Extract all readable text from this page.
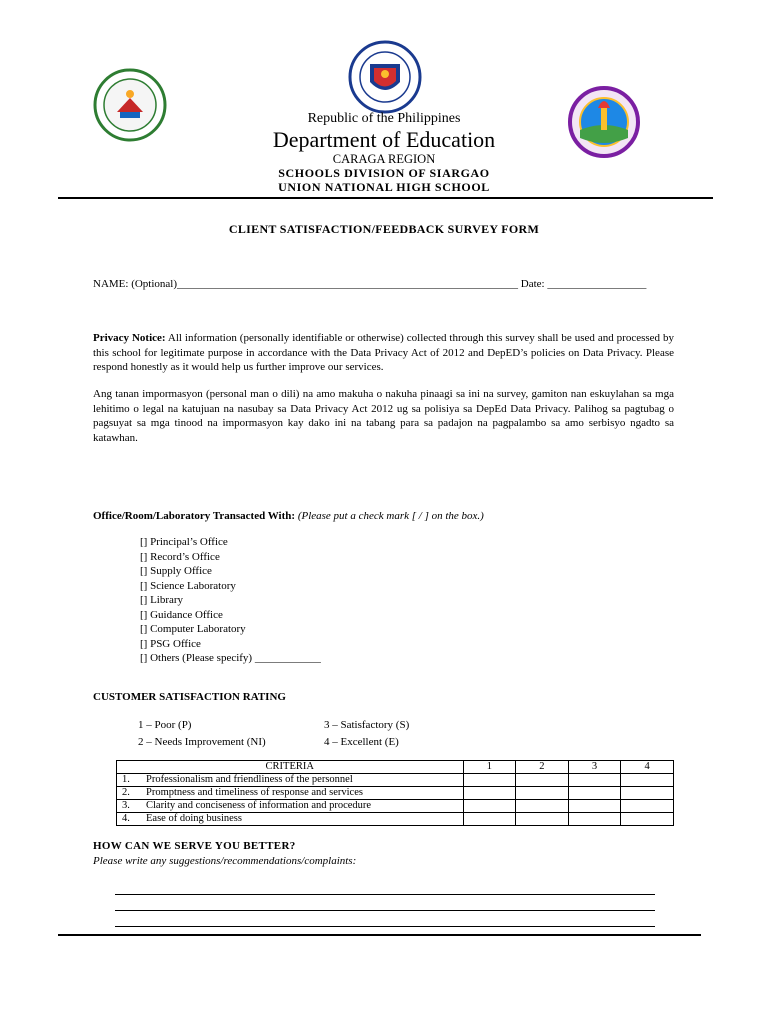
Republic of the Philippines
Department of Education
CARAGA REGION
SCHOOLS DIVISION OF SIARGAO
UNION NATIONAL HIGH SCHOOL
CLIENT SATISFACTION/FEEDBACK SURVEY FORM
NAME: (Optional)______________________________________________________________ Date: __________________
Privacy Notice: All information (personally identifiable or otherwise) collected through this survey shall be used and processed by this school for legitimate purpose in accordance with the Data Privacy Act of 2012 and DepED’s policies on Data Privacy. Please respond honestly as it would help us further improve our services.
Ang tanan impormasyon (personal man o dili) na amo makuha o nakuha pinaagi sa ini na survey, gamiton nan eskuylahan sa mga lehitimo o legal na katujuan na nasubay sa Data Privacy Act 2012 ug sa polisiya sa DepEd Data Privacy. Palihog sa pagtubag o pagsuyat sa mga tinood na impormasyon kay dako ini na tabang para sa padajon na pagpalambo sa amo serbisyo ngadto sa katawhan.
Office/Room/Laboratory Transacted With: (Please put a check mark [ / ] on the box.)
[] Principal’s Office
[] Record’s Office
[] Supply Office
[] Science Laboratory
[] Library
[] Guidance Office
[] Computer Laboratory
[] PSG Office
[] Others (Please specify) ____________
CUSTOMER SATISFACTION RATING
1 – Poor (P)
2 – Needs Improvement (NI)
3 – Satisfactory (S)
4 – Excellent (E)
CRITERIA	1	2	3	4
1. Professionalism and friendliness of the personnel				
2. Promptness and timeliness of response and services				
3. Clarity and conciseness of information and procedure				
4. Ease of doing business				
HOW CAN WE SERVE YOU BETTER?
Please write any suggestions/recommendations/complaints:
